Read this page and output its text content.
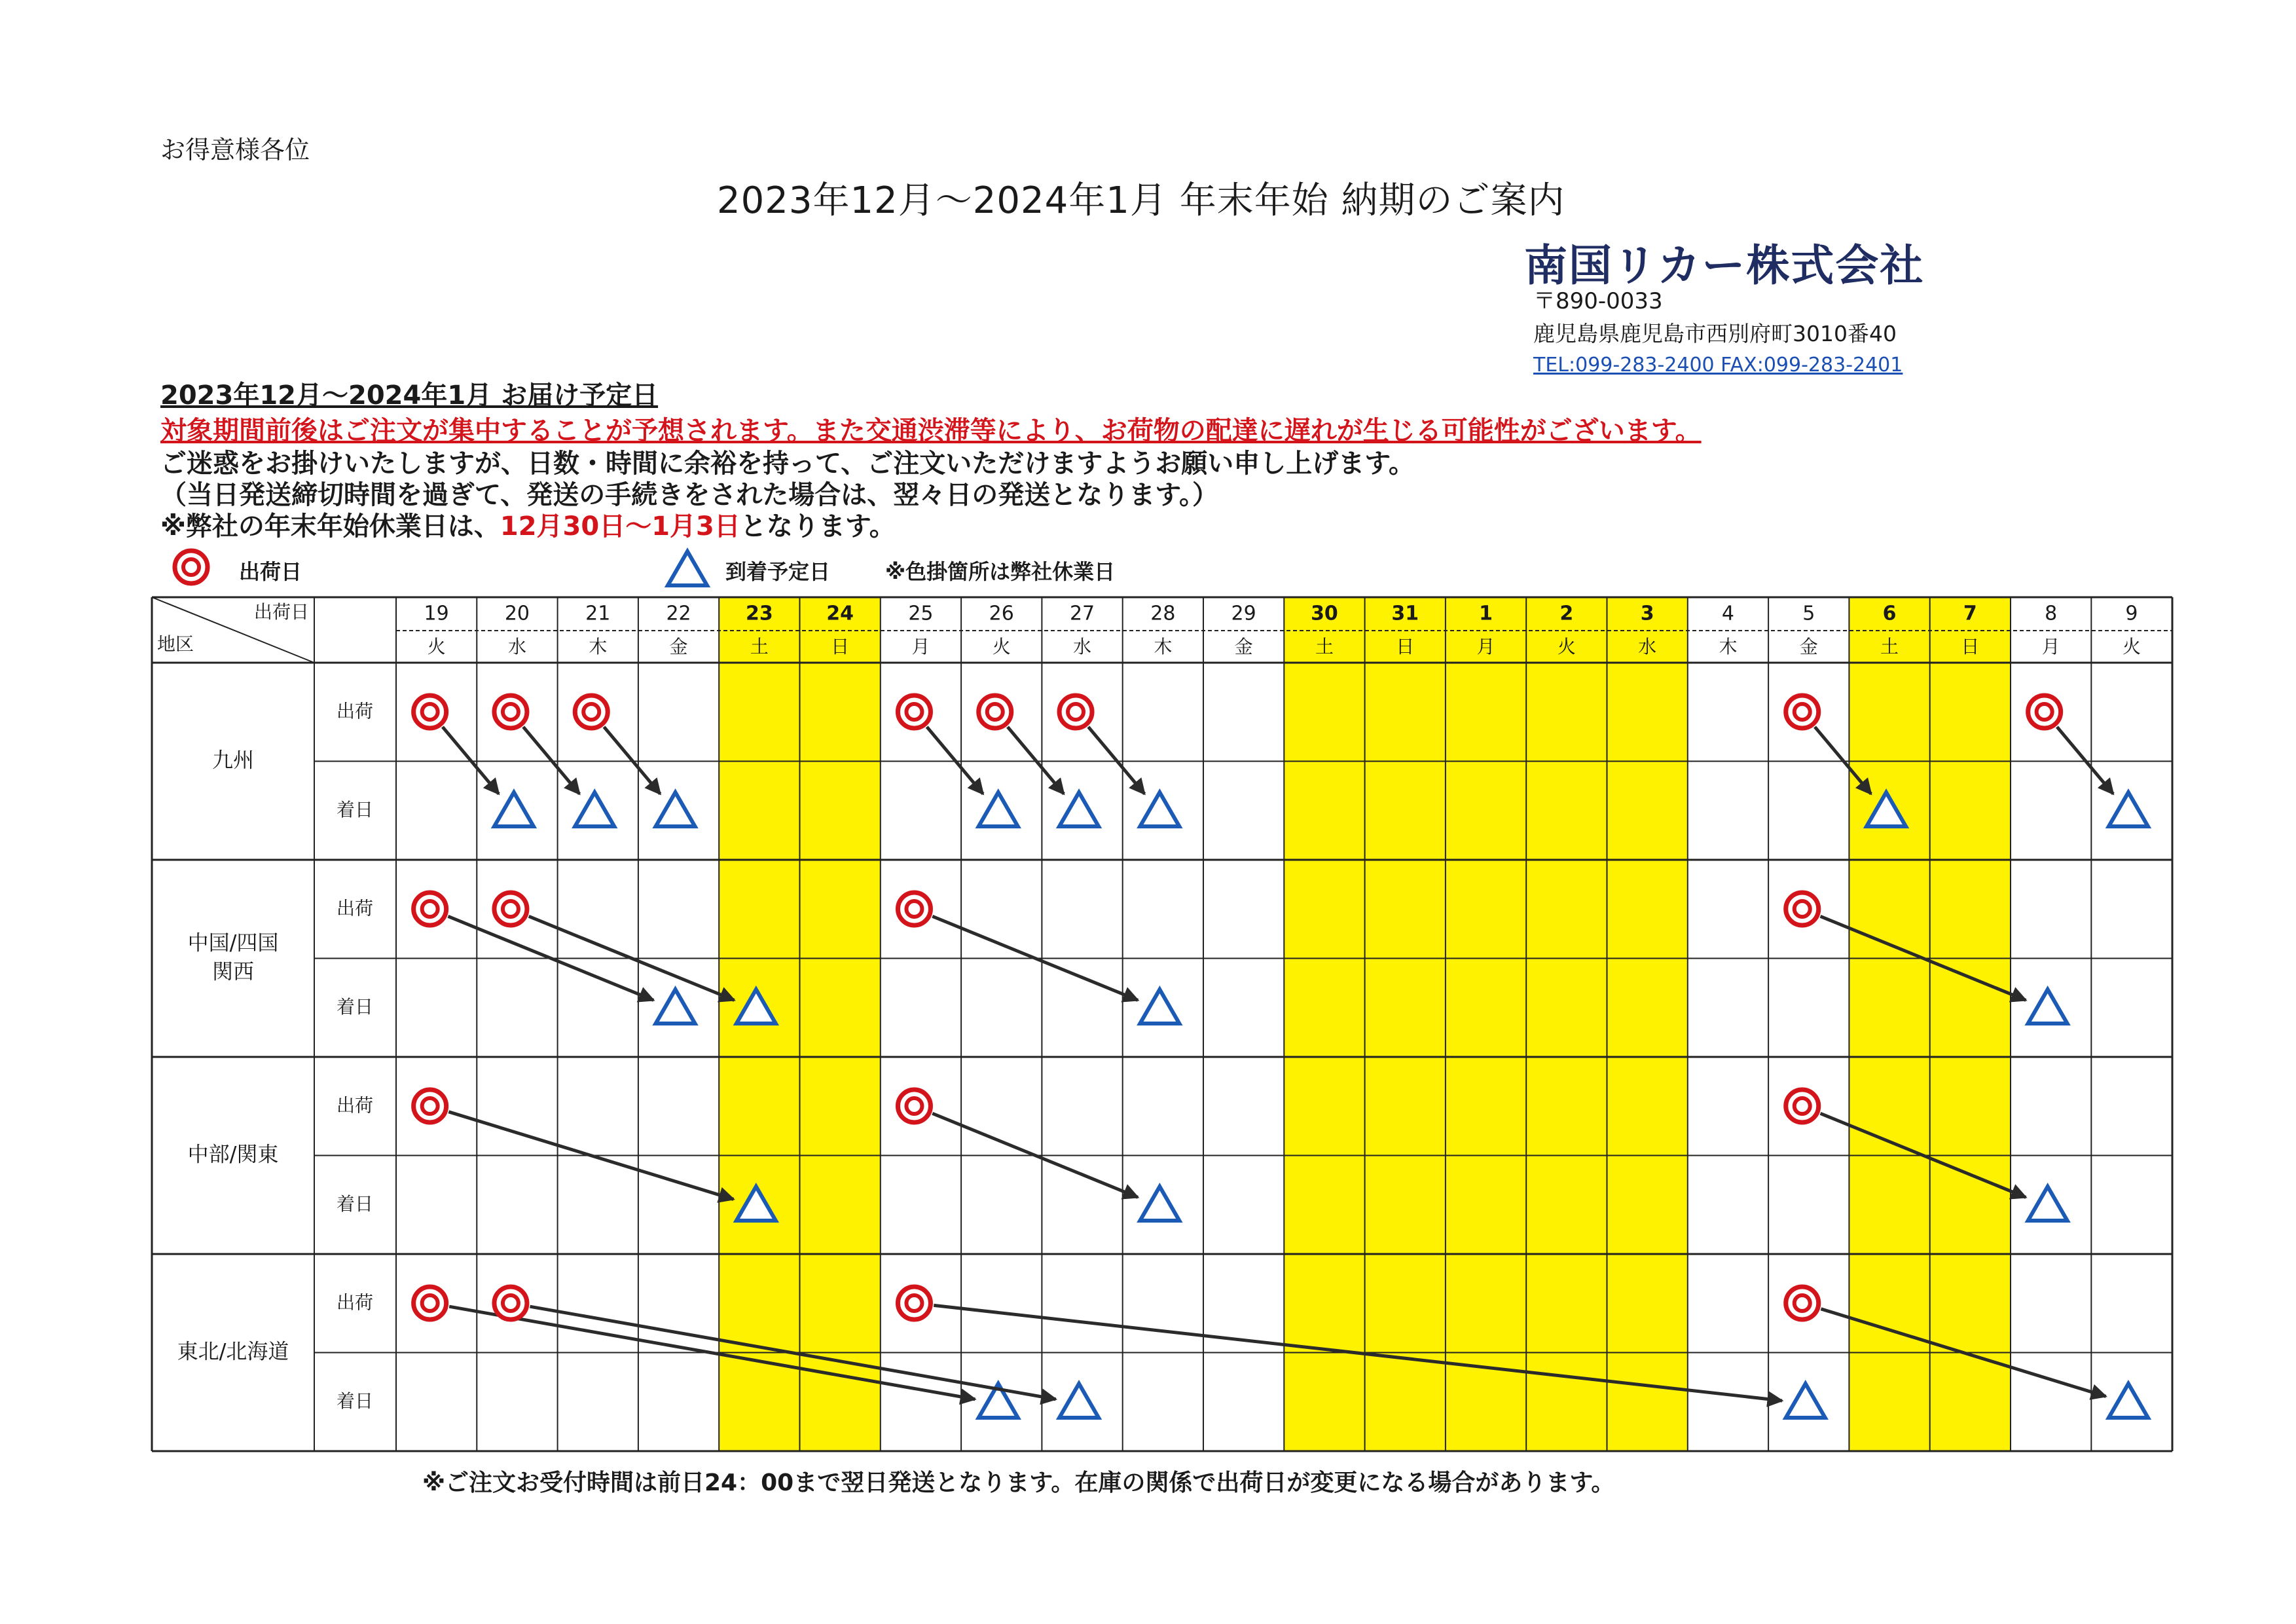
お得意様各位
2023年12月～2024年1月 年末年始 納期のご案内
南国リカー株式会社
〒890-0033
鹿児島県鹿児島市西別府町3010番40
TEL:099-283-2400 FAX:099-283-2401
2023年12月～2024年1月 お届け予定日
対象期間前後はご注文が集中することが予想されます。また交通渋滞等により、お荷物の配達に遅れが生じる可能性がございます。
ご迷惑をお掛けいたしますが、日数・時間に余裕を持って、ご注文いただけますようお願い申し上げます。
（当日発送締切時間を過ぎて、発送の手続きをされた場合は、翌々日の発送となります。）
※弊社の年末年始休業日は、12月30日～1月3日となります。
出荷日	到着予定日	※色掛箇所は弊社休業日
出荷日
地区
19
火
20
水
21
木
22
金
23
土
24
日
25
月
26
火
27
水
28
木
29
金
30
土
31
日
1
月
2
火
3
水
4
木
5
金
6
土
7
日
8
月
9
火
九州
出荷
着日
中国/四国
関西
出荷
着日
中部/関東
出荷
着日
東北/北海道
出荷
着日
※ご注文お受付時間は前日24：00まで翌日発送となります。在庫の関係で出荷日が変更になる場合があります。
